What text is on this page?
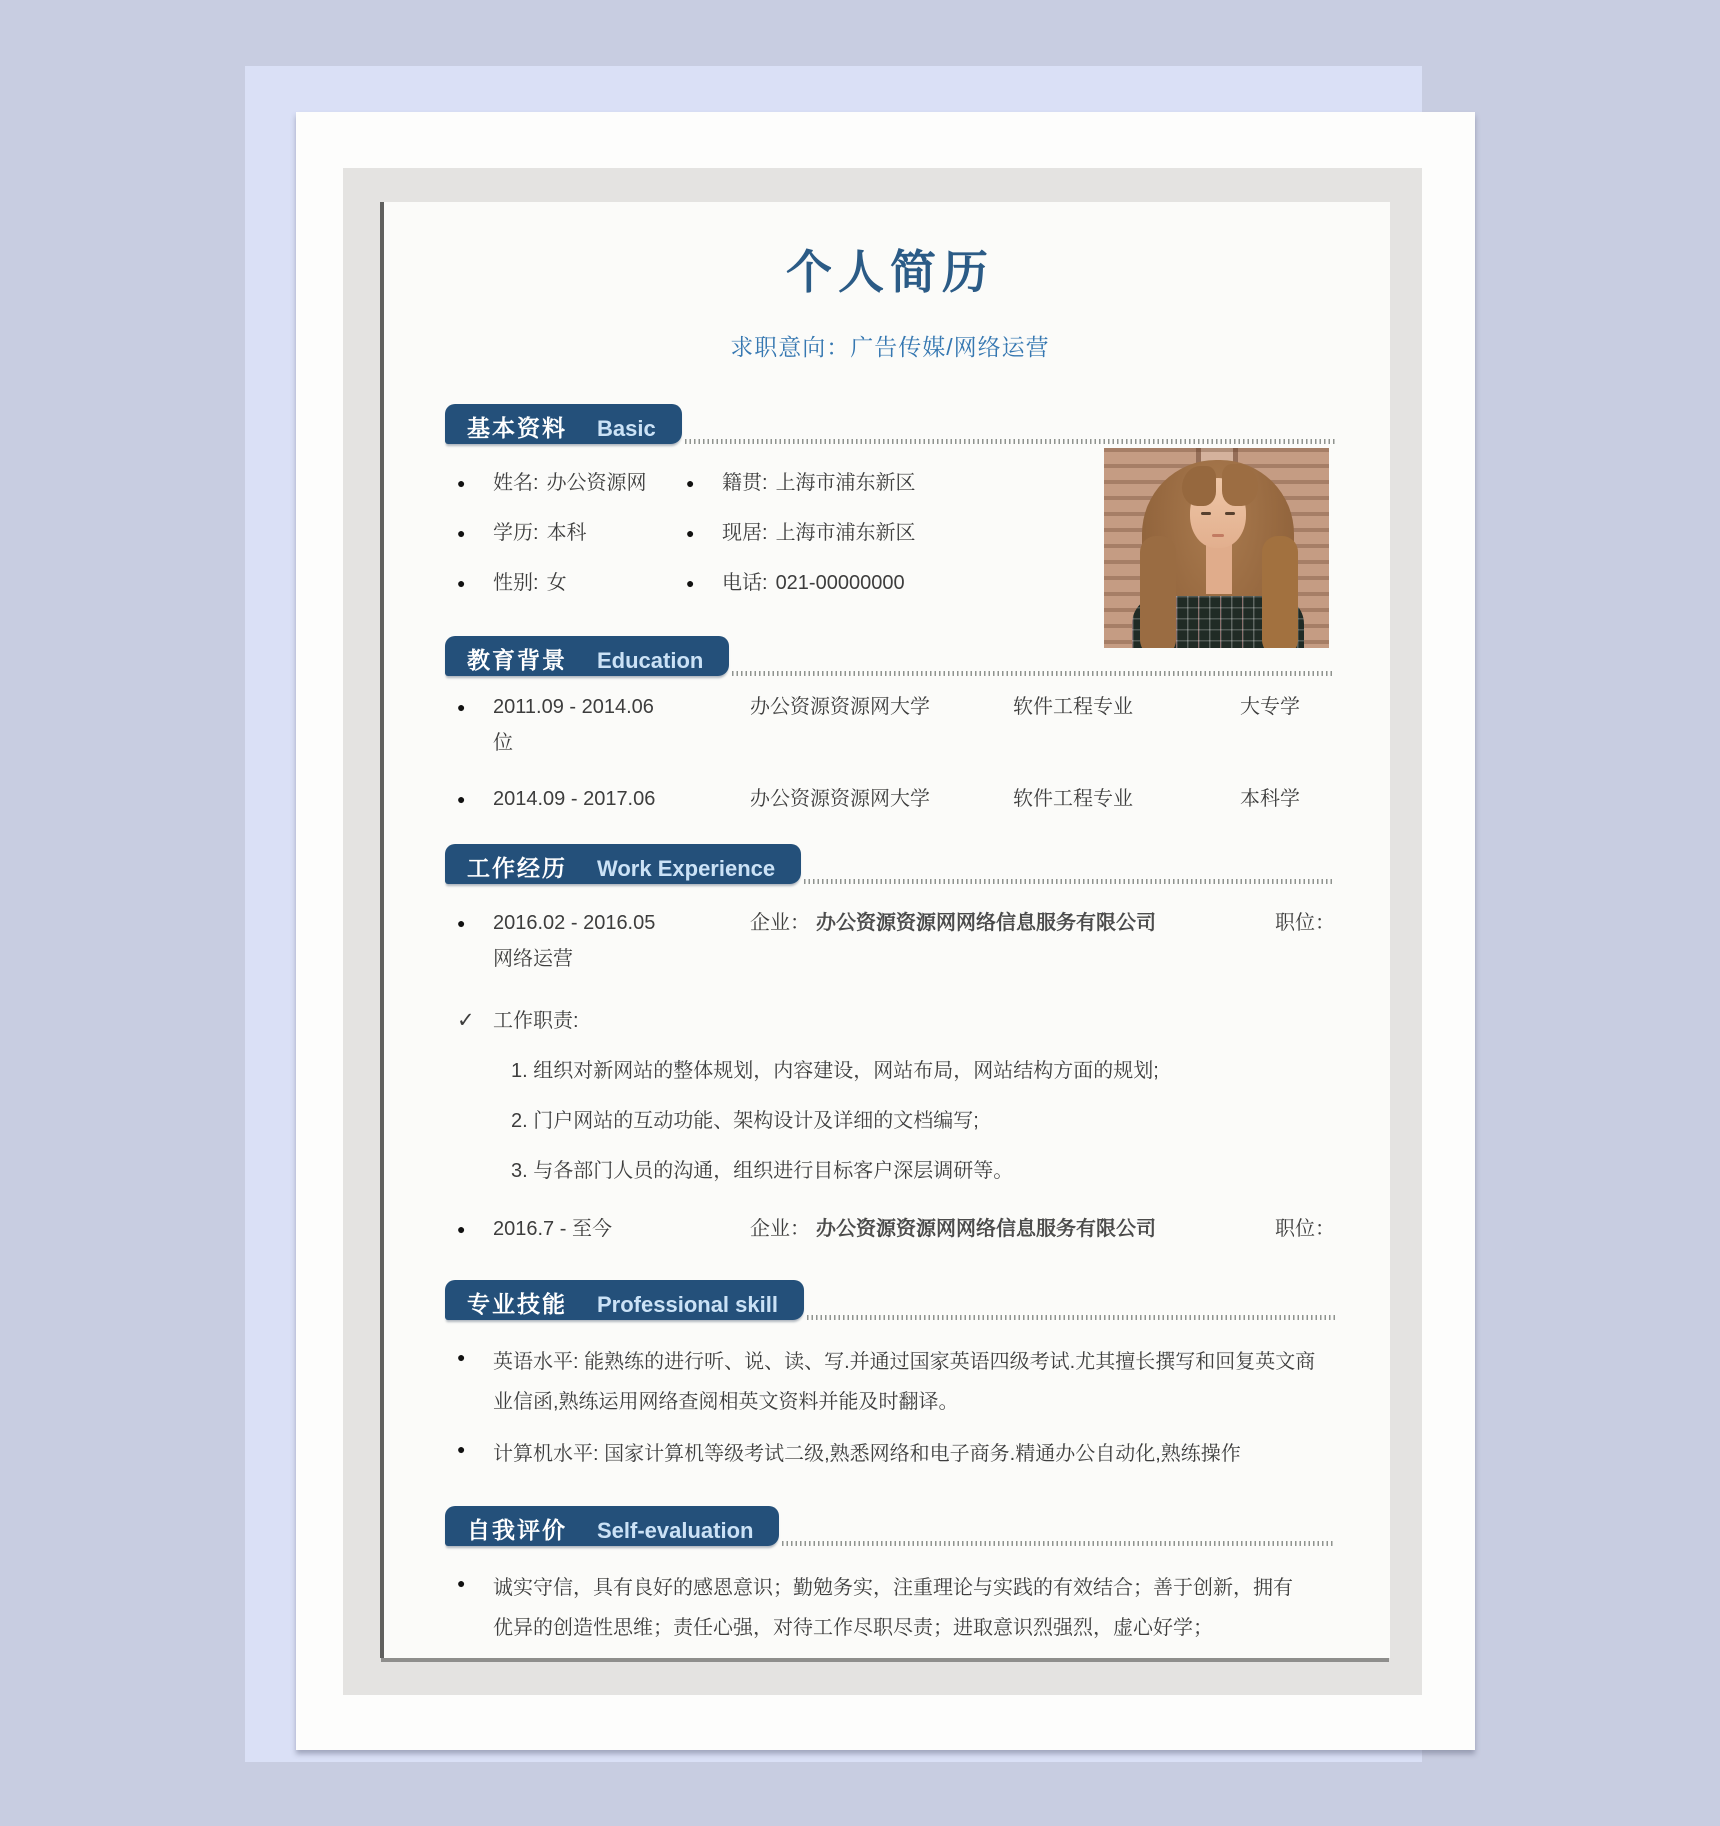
个人简历
求职意向：广告传媒/网络运营
基本资料 Basic
●	姓名: 办公资源网	●	籍贯: 上海市浦东新区
●	学历: 本科	●	现居: 上海市浦东新区
●	性别: 女	●	电话: 021-00000000
教育背景 Education
●	2011.09 - 2014.06	办公资源资源网大学	软件工程专业	大专学
位
●	2014.09 - 2017.06	办公资源资源网大学	软件工程专业	本科学
工作经历 Work Experience
●	2016.02 - 2016.05	企业： 办公资源资源网网络信息服务有限公司	职位：
网络运营
✓ 工作职责:
1. 组织对新网站的整体规划，内容建设，网站布局，网站结构方面的规划;
2. 门户网站的互动功能、架构设计及详细的文档编写;
3. 与各部门人员的沟通，组织进行目标客户深层调研等。
●	2016.7 - 至今	企业： 办公资源资源网网络信息服务有限公司	职位：
专业技能 Professional skill
●	英语水平: 能熟练的进行听、说、读、写.并通过国家英语四级考试.尤其擅长撰写和回复英文商业信函,熟练运用网络查阅相英文资料并能及时翻译。
●	计算机水平: 国家计算机等级考试二级,熟悉网络和电子商务.精通办公自动化,熟练操作
自我评价 Self-evaluation
●	诚实守信，具有良好的感恩意识；勤勉务实，注重理论与实践的有效结合；善于创新，拥有优异的创造性思维；责任心强，对待工作尽职尽责；进取意识烈强烈，虚心好学；
